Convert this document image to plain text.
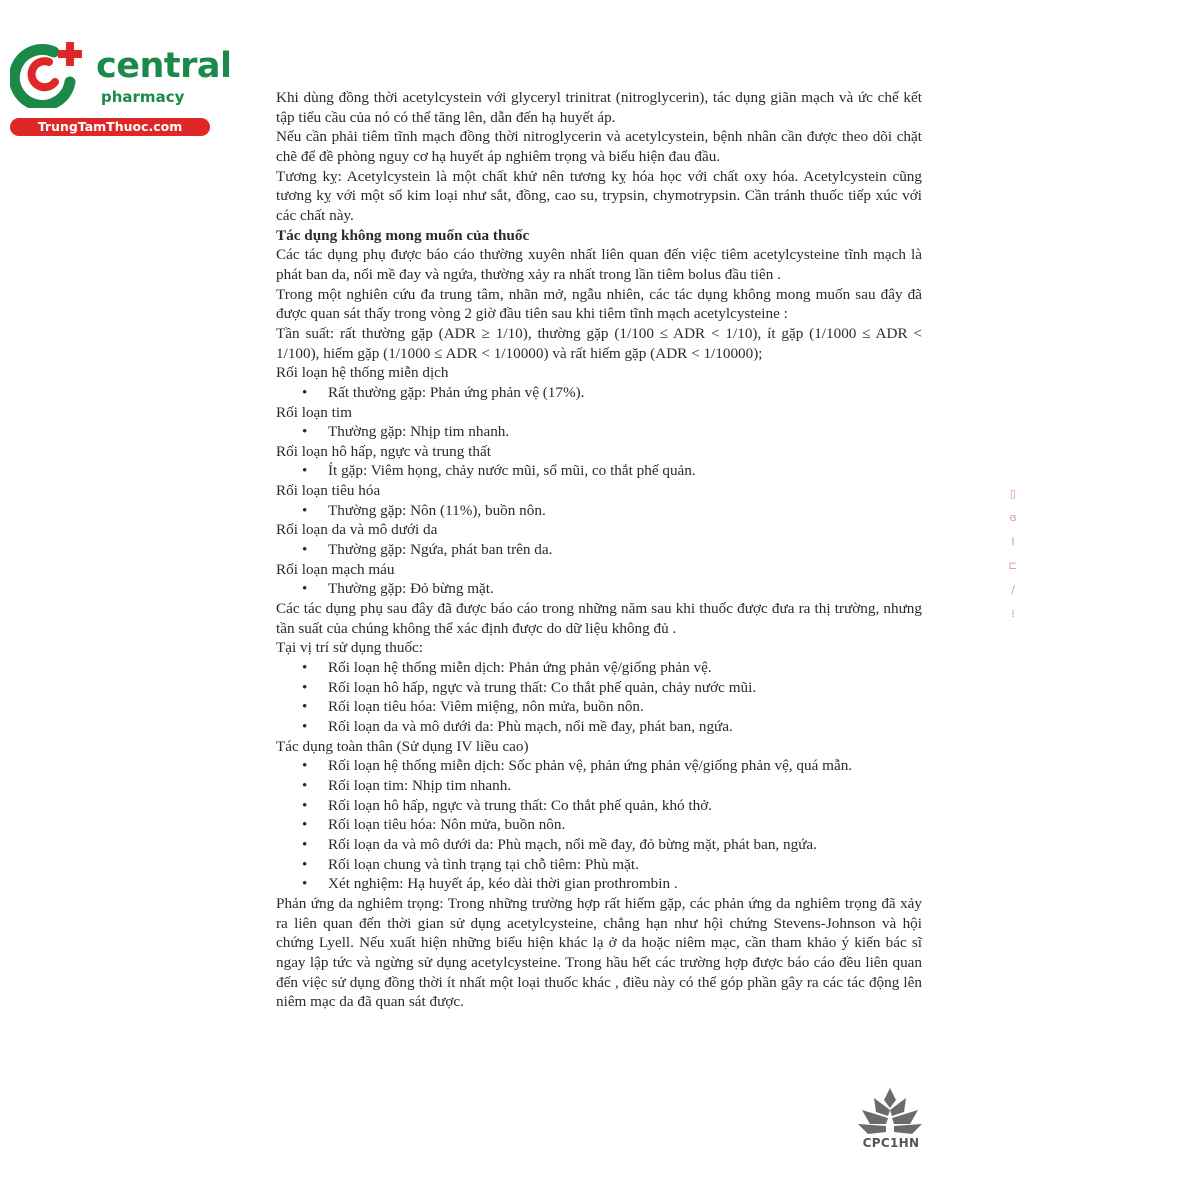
central
pharmacy
TrungTamThuoc.com

Khi dùng đồng thời acetylcystein với glyceryl trinitrat (nitroglycerin), tác dụng giãn mạch và ức chế kết tập tiểu cầu của nó có thể tăng lên, dẫn đến hạ huyết áp.

Nếu cần phải tiêm tĩnh mạch đồng thời nitroglycerin và acetylcystein, bệnh nhân cần được theo dõi chặt chẽ để đề phòng nguy cơ hạ huyết áp nghiêm trọng và biểu hiện đau đầu.

Tương kỵ: Acetylcystein là một chất khử nên tương kỵ hóa học với chất oxy hóa. Acetylcystein cũng tương kỵ với một số kim loại như sắt, đồng, cao su, trypsin, chymotrypsin. Cần tránh thuốc tiếp xúc với các chất này.

Tác dụng không mong muốn của thuốc

Các tác dụng phụ được báo cáo thường xuyên nhất liên quan đến việc tiêm acetylcysteine tĩnh mạch là phát ban da, nổi mề đay và ngứa, thường xảy ra nhất trong lần tiêm bolus đầu tiên .

Trong một nghiên cứu đa trung tâm, nhãn mở, ngẫu nhiên, các tác dụng không mong muốn sau đây đã được quan sát thấy trong vòng 2 giờ đầu tiên sau khi tiêm tĩnh mạch acetylcysteine :

Tần suất: rất thường gặp (ADR ≥ 1/10), thường gặp (1/100 ≤ ADR < 1/10), ít gặp (1/1000 ≤ ADR < 1/100), hiếm gặp (1/1000 ≤ ADR < 1/10000) và rất hiếm gặp (ADR < 1/10000);

Rối loạn hệ thống miễn dịch

• Rất thường gặp: Phản ứng phản vệ (17%).

Rối loạn tim

• Thường gặp: Nhịp tim nhanh.

Rối loạn hô hấp, ngực và trung thất

• Ít gặp: Viêm họng, chảy nước mũi, sổ mũi, co thắt phế quản.

Rối loạn tiêu hóa

• Thường gặp: Nôn (11%), buồn nôn.

Rối loạn da và mô dưới da

• Thường gặp: Ngứa, phát ban trên da.

Rối loạn mạch máu

• Thường gặp: Đỏ bừng mặt.

Các tác dụng phụ sau đây đã được báo cáo trong những năm sau khi thuốc được đưa ra thị trường, nhưng tần suất của chúng không thể xác định được do dữ liệu không đủ .

Tại vị trí sử dụng thuốc:

• Rối loạn hệ thống miễn dịch: Phản ứng phản vệ/giống phản vệ.
• Rối loạn hô hấp, ngực và trung thất: Co thắt phế quản, chảy nước mũi.
• Rối loạn tiêu hóa: Viêm miệng, nôn mửa, buồn nôn.
• Rối loạn da và mô dưới da: Phù mạch, nổi mề đay, phát ban, ngứa.

Tác dụng toàn thân (Sử dụng IV liều cao)

• Rối loạn hệ thống miễn dịch: Sốc phản vệ, phản ứng phản vệ/giống phản vệ, quá mẫn.
• Rối loạn tim: Nhịp tim nhanh.
• Rối loạn hô hấp, ngực và trung thất: Co thắt phế quản, khó thở.
• Rối loạn tiêu hóa: Nôn mửa, buồn nôn.
• Rối loạn da và mô dưới da: Phù mạch, nổi mề đay, đỏ bừng mặt, phát ban, ngứa.
• Rối loạn chung và tình trạng tại chỗ tiêm: Phù mặt.
• Xét nghiệm: Hạ huyết áp, kéo dài thời gian prothrombin .

Phản ứng da nghiêm trọng: Trong những trường hợp rất hiếm gặp, các phản ứng da nghiêm trọng đã xảy ra liên quan đến thời gian sử dụng acetylcysteine, chẳng hạn như hội chứng Stevens-Johnson và hội chứng Lyell. Nếu xuất hiện những biểu hiện khác lạ ở da hoặc niêm mạc, cần tham khảo ý kiến bác sĩ ngay lập tức và ngừng sử dụng acetylcysteine. Trong hầu hết các trường hợp được báo cáo đều liên quan đến việc sử dụng đồng thời ít nhất một loại thuốc khác , điều này có thể góp phần gây ra các tác động lên niêm mạc da đã quan sát được.

▯
ɞ
I
⊏
∕
⁞
CPC1HN
